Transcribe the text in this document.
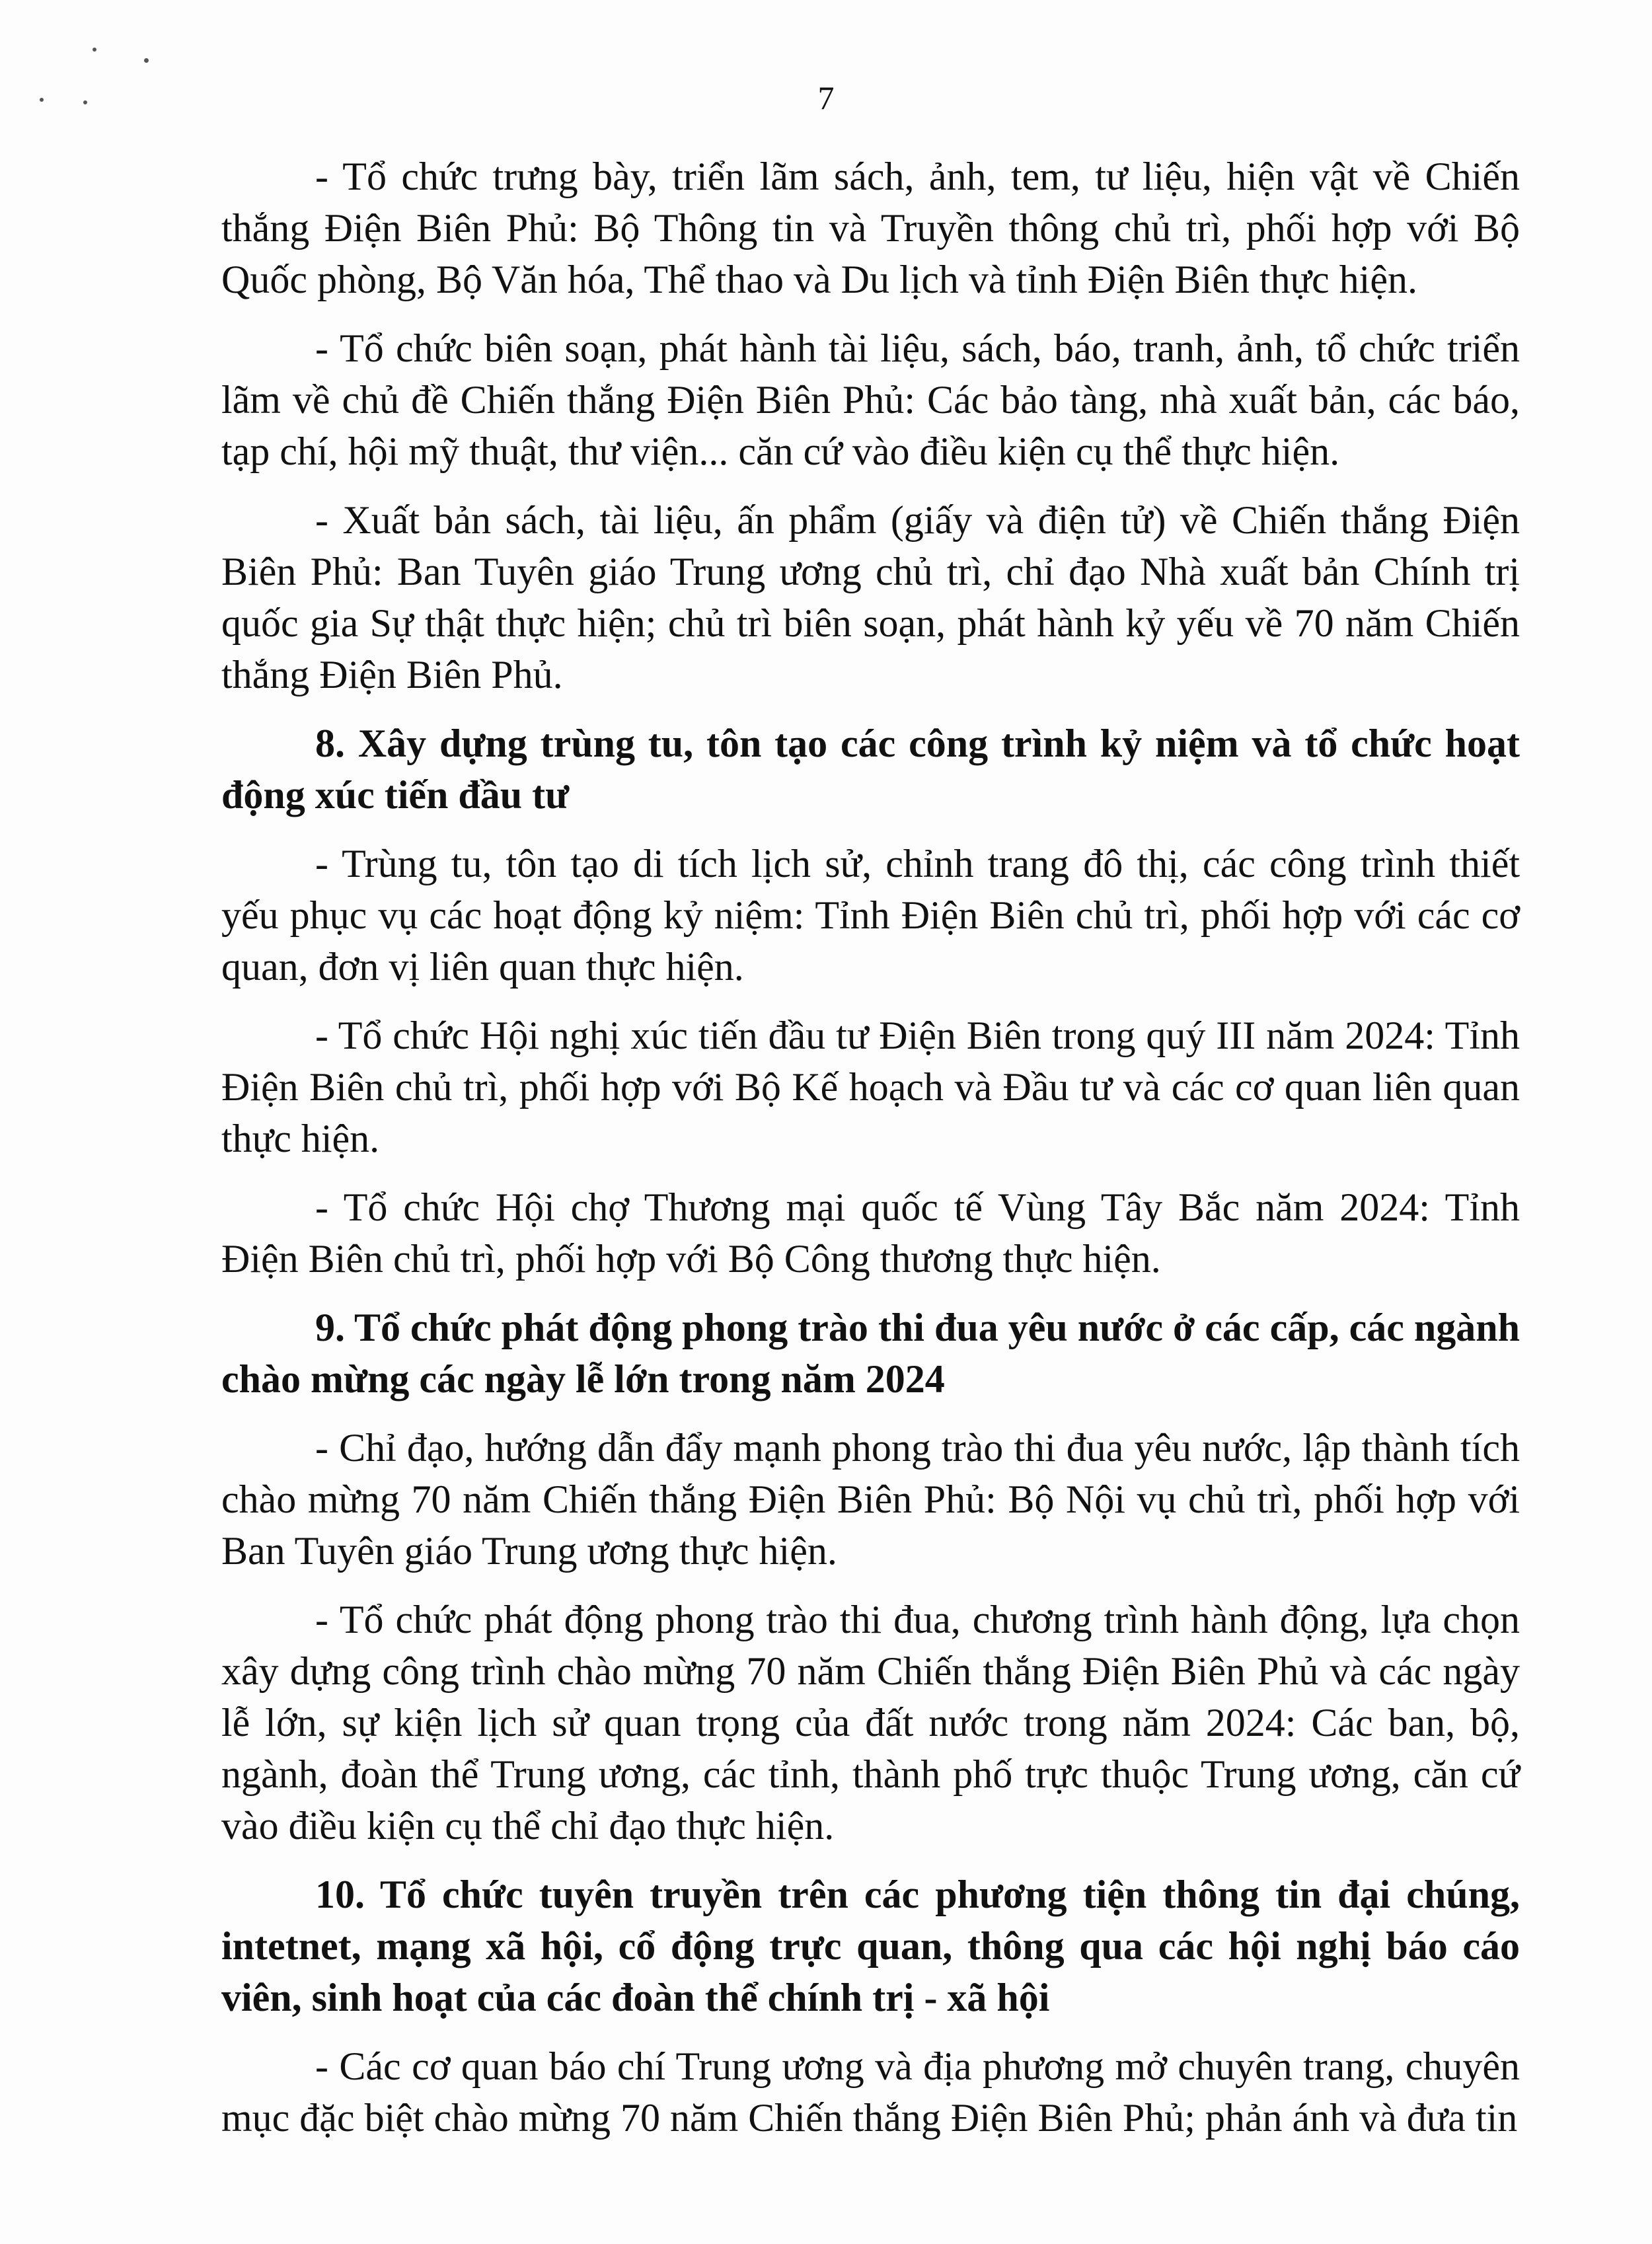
7

- Tổ chức trưng bày, triển lãm sách, ảnh, tem, tư liệu, hiện vật về Chiến thắng Điện Biên Phủ: Bộ Thông tin và Truyền thông chủ trì, phối hợp với Bộ Quốc phòng, Bộ Văn hóa, Thể thao và Du lịch và tỉnh Điện Biên thực hiện.

- Tổ chức biên soạn, phát hành tài liệu, sách, báo, tranh, ảnh, tổ chức triển lãm về chủ đề Chiến thắng Điện Biên Phủ: Các bảo tàng, nhà xuất bản, các báo, tạp chí, hội mỹ thuật, thư viện... căn cứ vào điều kiện cụ thể thực hiện.

- Xuất bản sách, tài liệu, ấn phẩm (giấy và điện tử) về Chiến thắng Điện Biên Phủ: Ban Tuyên giáo Trung ương chủ trì, chỉ đạo Nhà xuất bản Chính trị quốc gia Sự thật thực hiện; chủ trì biên soạn, phát hành kỷ yếu về 70 năm Chiến thắng Điện Biên Phủ.

8. Xây dựng trùng tu, tôn tạo các công trình kỷ niệm và tổ chức hoạt động xúc tiến đầu tư

- Trùng tu, tôn tạo di tích lịch sử, chỉnh trang đô thị, các công trình thiết yếu phục vụ các hoạt động kỷ niệm: Tỉnh Điện Biên chủ trì, phối hợp với các cơ quan, đơn vị liên quan thực hiện.

- Tổ chức Hội nghị xúc tiến đầu tư Điện Biên trong quý III năm 2024: Tỉnh Điện Biên chủ trì, phối hợp với Bộ Kế hoạch và Đầu tư và các cơ quan liên quan thực hiện.

- Tổ chức Hội chợ Thương mại quốc tế Vùng Tây Bắc năm 2024: Tỉnh Điện Biên chủ trì, phối hợp với Bộ Công thương thực hiện.

9. Tổ chức phát động phong trào thi đua yêu nước ở các cấp, các ngành chào mừng các ngày lễ lớn trong năm 2024

- Chỉ đạo, hướng dẫn đẩy mạnh phong trào thi đua yêu nước, lập thành tích chào mừng 70 năm Chiến thắng Điện Biên Phủ: Bộ Nội vụ chủ trì, phối hợp với Ban Tuyên giáo Trung ương thực hiện.

- Tổ chức phát động phong trào thi đua, chương trình hành động, lựa chọn xây dựng công trình chào mừng 70 năm Chiến thắng Điện Biên Phủ và các ngày lễ lớn, sự kiện lịch sử quan trọng của đất nước trong năm 2024: Các ban, bộ, ngành, đoàn thể Trung ương, các tỉnh, thành phố trực thuộc Trung ương, căn cứ vào điều kiện cụ thể chỉ đạo thực hiện.

10. Tổ chức tuyên truyền trên các phương tiện thông tin đại chúng, intetnet, mạng xã hội, cổ động trực quan, thông qua các hội nghị báo cáo viên, sinh hoạt của các đoàn thể chính trị - xã hội

- Các cơ quan báo chí Trung ương và địa phương mở chuyên trang, chuyên mục đặc biệt chào mừng 70 năm Chiến thắng Điện Biên Phủ; phản ánh và đưa tin
